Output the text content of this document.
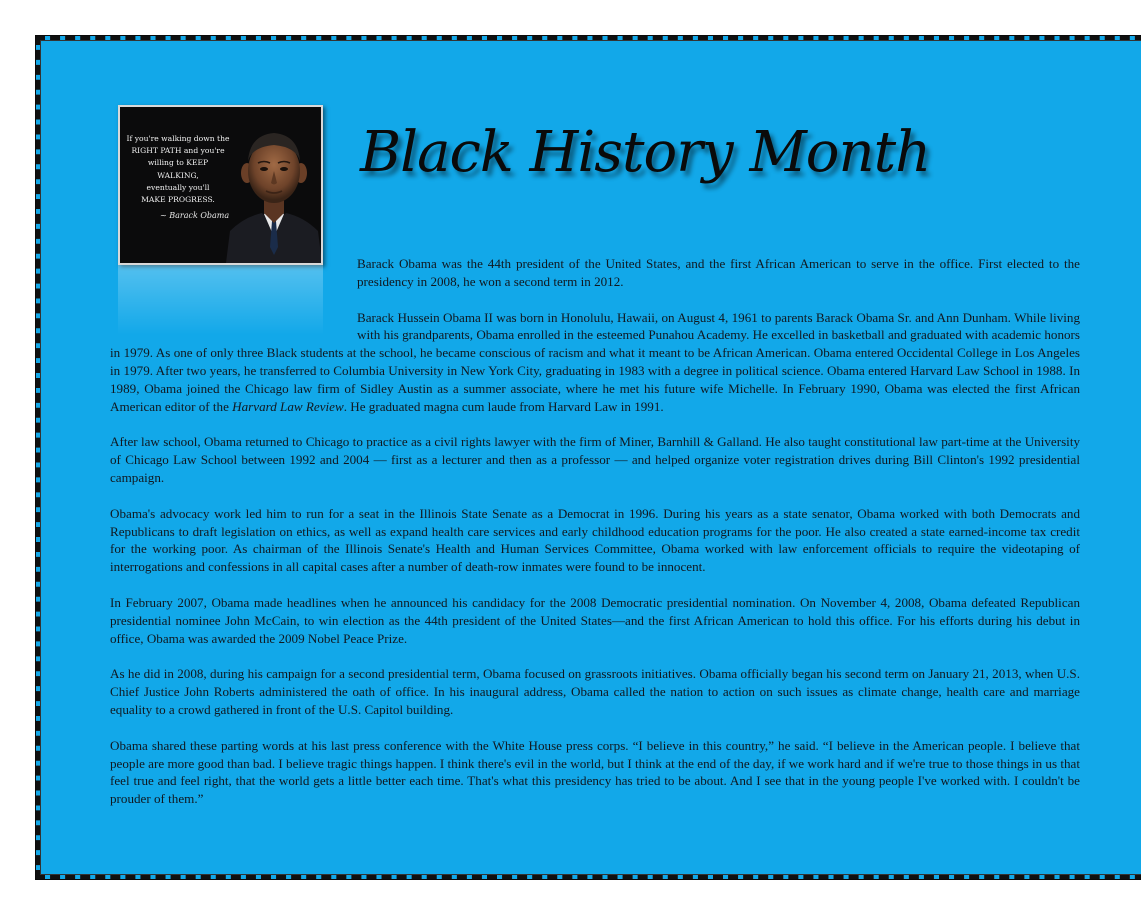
If you're walking down the
RIGHT PATH and you're
willing to KEEP WALKING,
eventually you'll
MAKE PROGRESS.
~ Barack Obama
Black History Month

Barack Obama was the 44th president of the United States, and the first African American to serve in the office. First elected to the presidency in 2008, he won a second term in 2012.

Barack Hussein Obama II was born in Honolulu, Hawaii, on August 4, 1961 to parents Barack Obama Sr. and Ann Dunham. While living with his grandparents, Obama enrolled in the esteemed Punahou Academy. He excelled in basketball and graduated with academic honors in 1979. As one of only three Black students at the school, he became conscious of racism and what it meant to be African American. Obama entered Occidental College in Los Angeles in 1979. After two years, he transferred to Columbia University in New York City, graduating in 1983 with a degree in political science. Obama entered Harvard Law School in 1988. In 1989, Obama joined the Chicago law firm of Sidley Austin as a summer associate, where he met his future wife Michelle. In February 1990, Obama was elected the first African American editor of the Harvard Law Review. He graduated magna cum laude from Harvard Law in 1991.

After law school, Obama returned to Chicago to practice as a civil rights lawyer with the firm of Miner, Barnhill & Galland. He also taught constitutional law part-time at the University of Chicago Law School between 1992 and 2004 — first as a lecturer and then as a professor — and helped organize voter registration drives during Bill Clinton's 1992 presidential campaign.

Obama's advocacy work led him to run for a seat in the Illinois State Senate as a Democrat in 1996. During his years as a state senator, Obama worked with both Democrats and Republicans to draft legislation on ethics, as well as expand health care services and early childhood education programs for the poor. He also created a state earned-income tax credit for the working poor. As chairman of the Illinois Senate's Health and Human Services Committee, Obama worked with law enforcement officials to require the videotaping of interrogations and confessions in all capital cases after a number of death-row inmates were found to be innocent.

In February 2007, Obama made headlines when he announced his candidacy for the 2008 Democratic presidential nomination. On November 4, 2008, Obama defeated Republican presidential nominee John McCain, to win election as the 44th president of the United States—and the first African American to hold this office. For his efforts during his debut in office, Obama was awarded the 2009 Nobel Peace Prize.

As he did in 2008, during his campaign for a second presidential term, Obama focused on grassroots initiatives. Obama officially began his second term on January 21, 2013, when U.S. Chief Justice John Roberts administered the oath of office. In his inaugural address, Obama called the nation to action on such issues as climate change, health care and marriage equality to a crowd gathered in front of the U.S. Capitol building.

Obama shared these parting words at his last press conference with the White House press corps. “I believe in this country,” he said. “I believe in the American people. I believe that people are more good than bad. I believe tragic things happen. I think there's evil in the world, but I think at the end of the day, if we work hard and if we're true to those things in us that feel true and feel right, that the world gets a little better each time. That's what this presidency has tried to be about. And I see that in the young people I've worked with. I couldn't be prouder of them.”
